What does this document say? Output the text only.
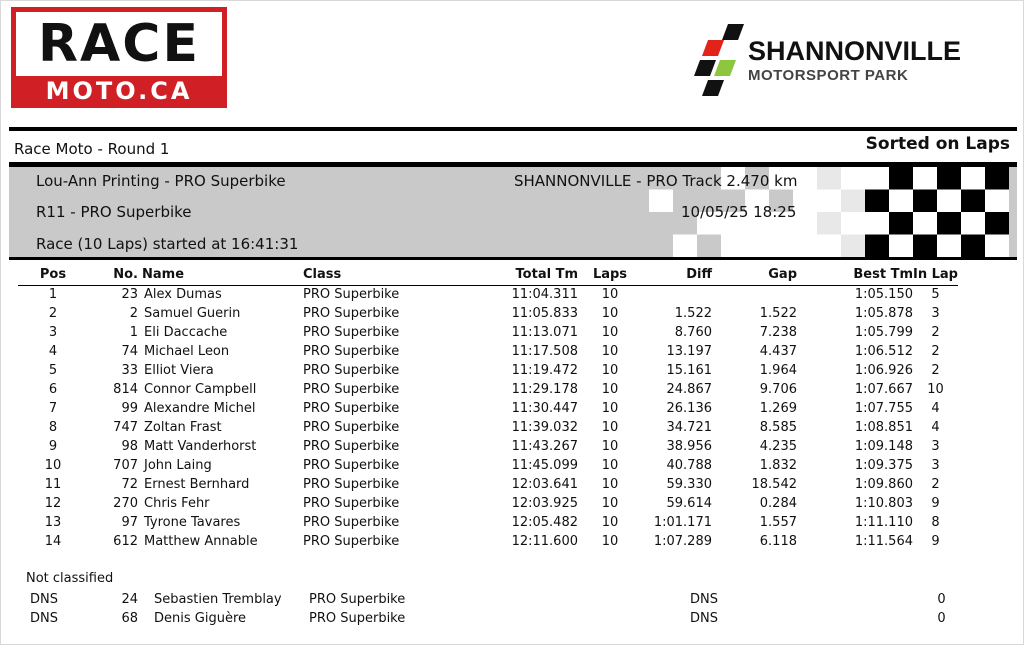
RACE
MOTO.CA
SHANNONVILLE
MOTORSPORT PARK
Race Moto - Round 1	Sorted on Laps
Lou-Ann Printing - PRO Superbike	SHANNONVILLE - PRO Track 2.470 km
R11 - PRO Superbike	10/05/25 18:25
Race (10 Laps) started at 16:41:31
Pos	No.	Name	Class	Total Tm	Laps	Diff	Gap	Best Tm	In Lap
1	23	Alex Dumas	PRO Superbike	11:04.311	10			1:05.150	5
2	2	Samuel Guerin	PRO Superbike	11:05.833	10	1.522	1.522	1:05.878	3
3	1	Eli Daccache	PRO Superbike	11:13.071	10	8.760	7.238	1:05.799	2
4	74	Michael Leon	PRO Superbike	11:17.508	10	13.197	4.437	1:06.512	2
5	33	Elliot Viera	PRO Superbike	11:19.472	10	15.161	1.964	1:06.926	2
6	814	Connor Campbell	PRO Superbike	11:29.178	10	24.867	9.706	1:07.667	10
7	99	Alexandre Michel	PRO Superbike	11:30.447	10	26.136	1.269	1:07.755	4
8	747	Zoltan Frast	PRO Superbike	11:39.032	10	34.721	8.585	1:08.851	4
9	98	Matt Vanderhorst	PRO Superbike	11:43.267	10	38.956	4.235	1:09.148	3
10	707	John Laing	PRO Superbike	11:45.099	10	40.788	1.832	1:09.375	3
11	72	Ernest Bernhard	PRO Superbike	12:03.641	10	59.330	18.542	1:09.860	2
12	270	Chris Fehr	PRO Superbike	12:03.925	10	59.614	0.284	1:10.803	9
13	97	Tyrone Tavares	PRO Superbike	12:05.482	10	1:01.171	1.557	1:11.110	8
14	612	Matthew Annable	PRO Superbike	12:11.600	10	1:07.289	6.118	1:11.564	9
Not classified
DNS	24	Sebastien Tremblay	PRO Superbike			DNS			0
DNS	68	Denis Giguère	PRO Superbike			DNS			0
